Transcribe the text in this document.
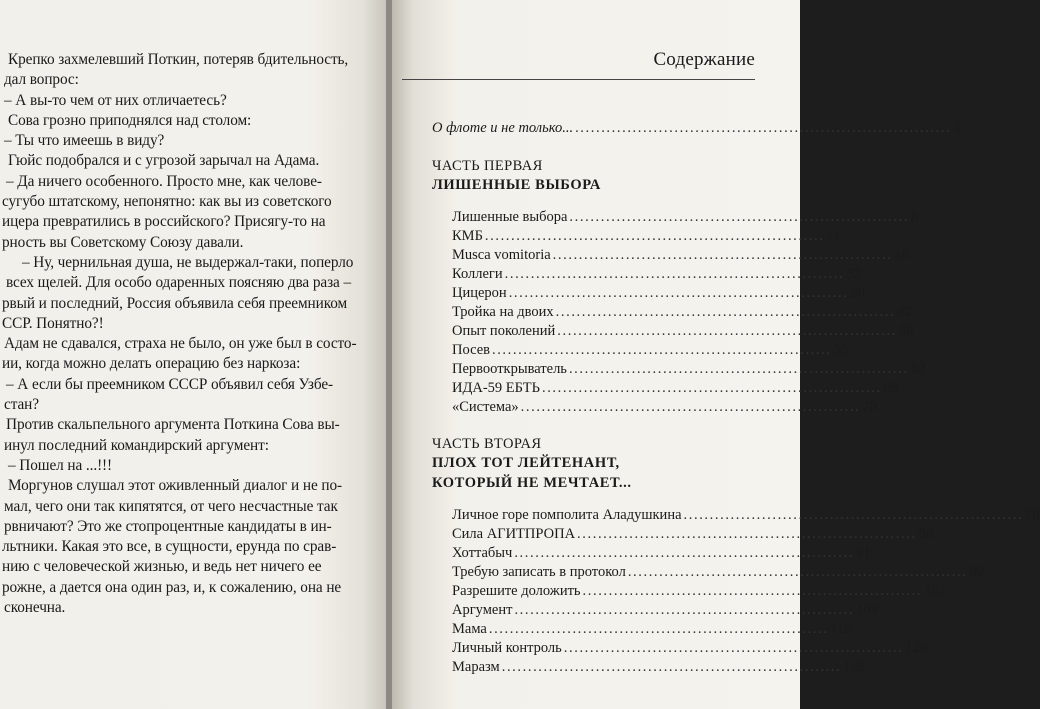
Крепко захмелевший Поткин, потеряв бдительность,
дал вопрос:
– А вы-то чем от них отличаетесь?
Сова грозно приподнялся над столом:
– Ты что имеешь в виду?
Гюйс подобрался и с угрозой зарычал на Адама.
– Да ничего особенного. Просто мне, как челове-
сугубо штатскому, непонятно: как вы из советского
ицера превратились в российского? Присягу-то на
рность вы Советскому Союзу давали.
– Ну, чернильная душа, не выдержал-таки, поперло
всех щелей. Для особо одаренных поясняю два раза –
рвый и последний, Россия объявила себя преемником
ССР. Понятно?!
Адам не сдавался, страха не было, он уже был в состо-
ии, когда можно делать операцию без наркоза:
– А если бы преемником СССР объявил себя Узбе-
стан?
Против скальпельного аргумента Поткина Сова вы-
инул последний командирский аргумент:
– Пошел на ...!!!
Моргунов слушал этот оживленный диалог и не по-
мал, чего они так кипятятся, от чего несчастные так
рвничают? Это же стопроцентные кандидаты в ин-
льтники. Какая это все, в сущности, ерунда по срав-
нию с человеческой жизнью, и ведь нет ничего ее
рожне, а дается она один раз, и, к сожалению, она не
сконечна.
Содержание
О флоте и не только... ........................................................................ 3
ЧАСТЬ ПЕРВАЯ
ЛИШЕННЫЕ ВЫБОРА
Лишенные выбора ................................................................. 8
КМБ ................................................................. 11
Musca vomitoria ................................................................. 16
Коллеги ................................................................. 32
Цицерон ................................................................. 36
Тройка на двоих ................................................................. 42
Опыт поколений ................................................................. 50
Посев ................................................................. 55
Первооткрыватель ................................................................. 62
ИДА-59 ЕБТЬ ................................................................. 66
«Система» ................................................................. 70
ЧАСТЬ ВТОРАЯ
ПЛОХ ТОТ ЛЕЙТЕНАНТ,
КОТОРЫЙ НЕ МЕЧТАЕТ...
Личное горе помполита Аладушкина ................................................................. 76
Сила АГИТПРОПА ................................................................. 86
Хоттабыч ................................................................. 91
Требую записать в протокол ................................................................. 99
Разрешите доложить ................................................................. 102
Аргумент ................................................................. 109
Мама ................................................................. 115
Личный контроль ................................................................. 120
Маразм ................................................................. 126
